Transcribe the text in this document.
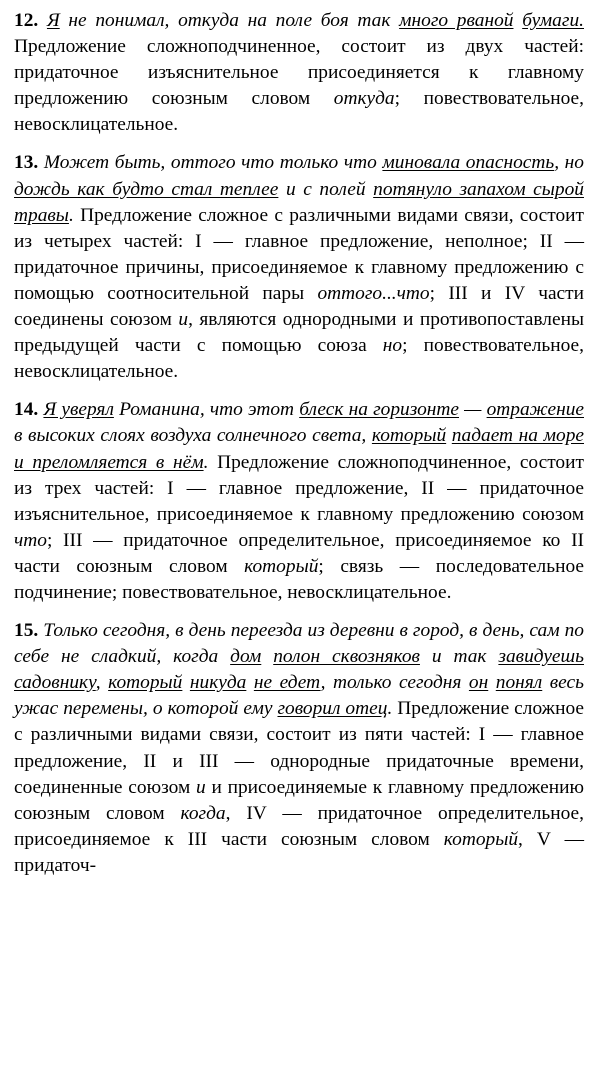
12. Я не понимал, откуда на поле боя так много рваной бумаги. Предложение сложноподчиненное, состоит из двух частей: придаточное изъяснительное присоединяется к главному предложению союзным словом откуда; повествовательное, невосклицательное.

13. Может быть, оттого что только что миновала опасность, но дождь как будто стал теплее и с полей потянуло запахом сырой травы. Предложение сложное с различными видами связи, состоит из четырех частей: I — главное предложение, неполное; II — придаточное причины, присоединяемое к главному предложению с помощью соотносительной пары оттого...что; III и IV части соединены союзом и, являются однородными и противопоставлены предыдущей части с помощью союза но; повествовательное, невосклицательное.

14. Я уверял Романина, что этот блеск на горизонте — отражение в высоких слоях воздуха солнечного света, который падает на море и преломляется в нём. Предложение сложноподчиненное, состоит из трех частей: I — главное предложение, II — придаточное изъяснительное, присоединяемое к главному предложению союзом что; III — придаточное определительное, присоединяемое ко II части союзным словом который; связь — последовательное подчинение; повествовательное, невосклицательное.

15. Только сегодня, в день переезда из деревни в город, в день, сам по себе не сладкий, когда дом полон сквозняков и так завидуешь садовнику, который никуда не едет, только сегодня он понял весь ужас перемены, о которой ему говорил отец. Предложение сложное с различными видами связи, состоит из пяти частей: I — главное предложение, II и III — однородные придаточные времени, соединенные союзом и и присоединяемые к главному предложению союзным словом когда, IV — придаточное определительное, присоединяемое к III части союзным словом который, V — придаточ-
